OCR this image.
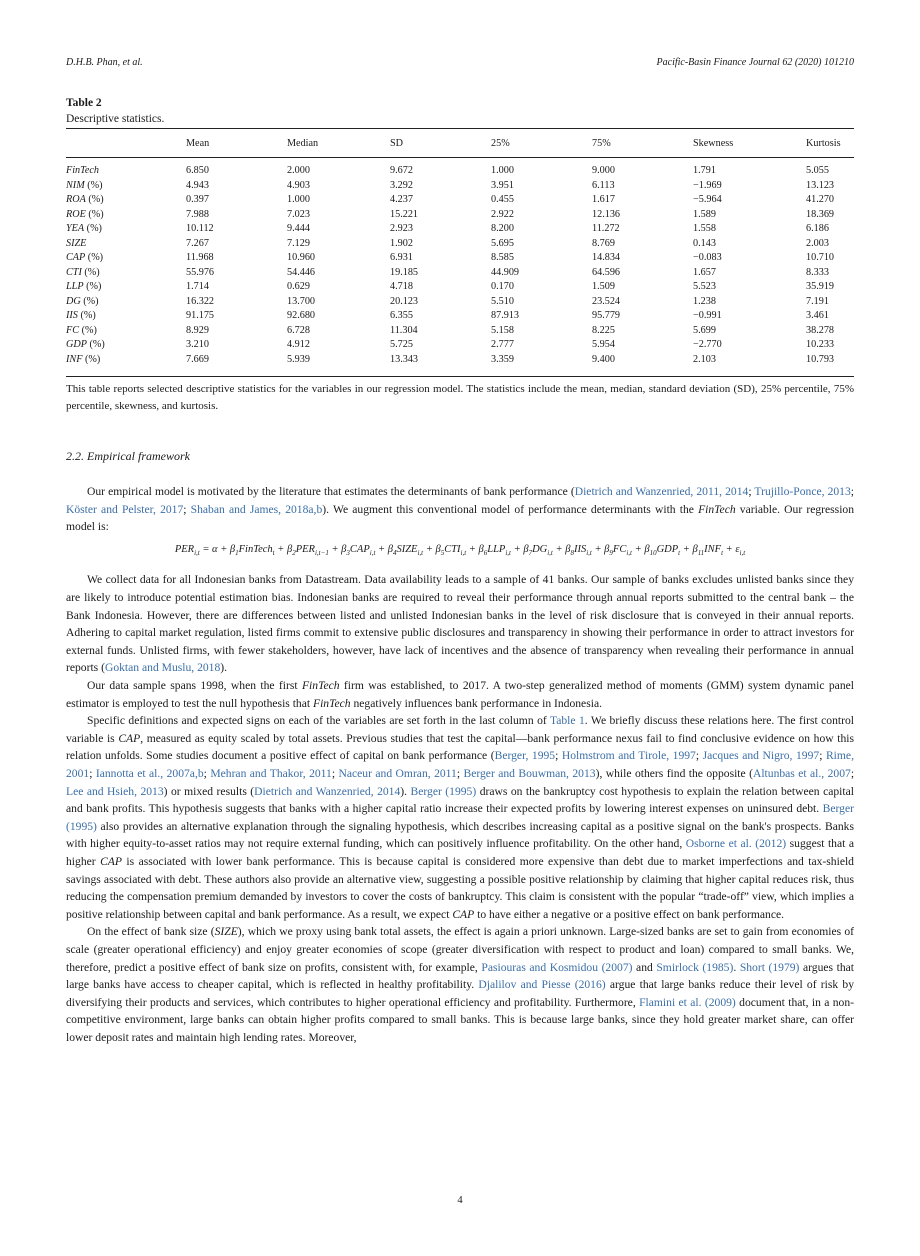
D.H.B. Phan, et al.	Pacific-Basin Finance Journal 62 (2020) 101210
Table 2
Descriptive statistics.
	Mean	Median	SD	25%	75%	Skewness	Kurtosis
FinTech	6.850	2.000	9.672	1.000	9.000	1.791	5.055
NIM (%)	4.943	4.903	3.292	3.951	6.113	−1.969	13.123
ROA (%)	0.397	1.000	4.237	0.455	1.617	−5.964	41.270
ROE (%)	7.988	7.023	15.221	2.922	12.136	1.589	18.369
YEA (%)	10.112	9.444	2.923	8.200	11.272	1.558	6.186
SIZE	7.267	7.129	1.902	5.695	8.769	0.143	2.003
CAP (%)	11.968	10.960	6.931	8.585	14.834	−0.083	10.710
CTI (%)	55.976	54.446	19.185	44.909	64.596	1.657	8.333
LLP (%)	1.714	0.629	4.718	0.170	1.509	5.523	35.919
DG (%)	16.322	13.700	20.123	5.510	23.524	1.238	7.191
IIS (%)	91.175	92.680	6.355	87.913	95.779	−0.991	3.461
FC (%)	8.929	6.728	11.304	5.158	8.225	5.699	38.278
GDP (%)	3.210	4.912	5.725	2.777	5.954	−2.770	10.233
INF (%)	7.669	5.939	13.343	3.359	9.400	2.103	10.793
This table reports selected descriptive statistics for the variables in our regression model. The statistics include the mean, median, standard deviation (SD), 25% percentile, 75% percentile, skewness, and kurtosis.
2.2. Empirical framework

Our empirical model is motivated by the literature that estimates the determinants of bank performance (Dietrich and Wanzenried, 2011, 2014; Trujillo-Ponce, 2013; Köster and Pelster, 2017; Shaban and James, 2018a,b). We augment this conventional model of performance determinants with the FinTech variable. Our regression model is:

$PER_{i,t} = \alpha$ + $\beta_1FinTech_t + \beta_2PER_{i,t-1} + \beta_3CAP_{i,t}$ + $\beta_4SIZE_{i,t} + \beta_5CTI_{i,t} + \beta_6LLP_{i,t} + \beta_7DG_{i,t} + \beta_8IIS_{i,t} + \beta_9FC_{i,t} + \beta_{10}GDP_t + \beta_{11}INF_t + \varepsilon_{i,t}$

We collect data for all Indonesian banks from Datastream. Data availability leads to a sample of 41 banks. Our sample of banks excludes unlisted banks since they are likely to introduce potential estimation bias. Indonesian banks are required to reveal their performance through annual reports submitted to the central bank – the Bank Indonesia. However, there are differences between listed and unlisted Indonesian banks in the level of risk disclosure that is conveyed in their annual reports. Adhering to capital market regulation, listed firms commit to extensive public disclosures and transparency in showing their performance in order to attract investors for external funds. Unlisted firms, with fewer stakeholders, however, have lack of incentives and the absence of transparency when revealing their performance in annual reports (Goktan and Muslu, 2018).

Our data sample spans 1998, when the first FinTech firm was established, to 2017. A two-step generalized method of moments (GMM) system dynamic panel estimator is employed to test the null hypothesis that FinTech negatively influences bank performance in Indonesia.

Specific definitions and expected signs on each of the variables are set forth in the last column of Table 1. We briefly discuss these relations here. The first control variable is CAP, measured as equity scaled by total assets. Previous studies that test the capital—bank performance nexus fail to find conclusive evidence on how this relation unfolds. Some studies document a positive effect of capital on bank performance (Berger, 1995; Holmstrom and Tirole, 1997; Jacques and Nigro, 1997; Rime, 2001; Iannotta et al., 2007a,b; Mehran and Thakor, 2011; Naceur and Omran, 2011; Berger and Bouwman, 2013), while others find the opposite (Altunbas et al., 2007; Lee and Hsieh, 2013) or mixed results (Dietrich and Wanzenried, 2014). Berger (1995) draws on the bankruptcy cost hypothesis to explain the relation between capital and bank profits. This hypothesis suggests that banks with a higher capital ratio increase their expected profits by lowering interest expenses on uninsured debt. Berger (1995) also provides an alternative explanation through the signaling hypothesis, which describes increasing capital as a positive signal on the bank's prospects. Banks with higher equity-to-asset ratios may not require external funding, which can positively influence profitability. On the other hand, Osborne et al. (2012) suggest that a higher CAP is associated with lower bank performance. This is because capital is considered more expensive than debt due to market imperfections and tax-shield savings associated with debt. These authors also provide an alternative view, suggesting a possible positive relationship by claiming that higher capital reduces risk, thus reducing the compensation premium demanded by investors to cover the costs of bankruptcy. This claim is consistent with the popular “trade-off” view, which implies a positive relationship between capital and bank performance. As a result, we expect CAP to have either a negative or a positive effect on bank performance.

On the effect of bank size (SIZE), which we proxy using bank total assets, the effect is again a priori unknown. Large-sized banks are set to gain from economies of scale (greater operational efficiency) and enjoy greater economies of scope (greater diversification with respect to product and loan) compared to small banks. We, therefore, predict a positive effect of bank size on profits, consistent with, for example, Pasiouras and Kosmidou (2007) and Smirlock (1985). Short (1979) argues that large banks have access to cheaper capital, which is reflected in healthy profitability. Djalilov and Piesse (2016) argue that large banks reduce their level of risk by diversifying their products and services, which contributes to higher operational efficiency and profitability. Furthermore, Flamini et al. (2009) document that, in a non-competitive environment, large banks can obtain higher profits compared to small banks. This is because large banks, since they hold greater market share, can offer lower deposit rates and maintain high lending rates. Moreover,

4
